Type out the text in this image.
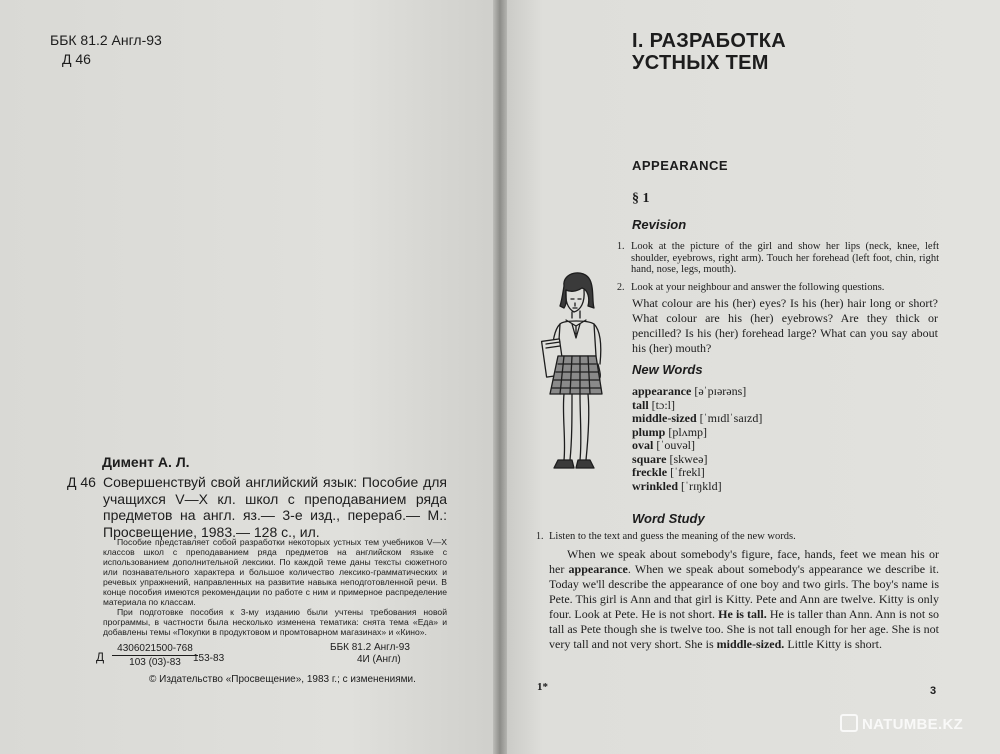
ББК 81.2 Англ-93
Д 46
Димент А. Л.
Д 46 Совершенствуй свой английский язык: Пособие для учащихся V—X кл. школ с преподаванием ряда предметов на англ. яз.— 3-е изд., перераб.— М.: Просвещение, 1983.— 128 с., ил.

Пособие представляет собой разработки некоторых устных тем учебников V—X классов школ с преподаванием ряда предметов на английском языке с использованием дополнительной лексики. По каждой теме даны тексты сюжетного или познавательного характера и большое количество лексико-грамматических и речевых упражнений, направленных на развитие навыка неподготовленной речи. В конце пособия имеются рекомендации по работе с ним и примерное распределение материала по классам.

При подготовке пособия к 3-му изданию были учтены требования новой программы, в частности была несколько изменена тематика: снята тема «Еда» и добавлены темы «Покупки в продуктовом и промтоварном магазинах» и «Кино».

Д $\frac{4306021500-768}{103 (03)-83}$
153-83
ББК 81.2 Англ-93
4И (Англ)
© Издательство «Просвещение», 1983 г.; с изменениями.
I. РАЗРАБОТКА
УСТНЫХ ТЕМ
APPEARANCE
§ 1
Revision
1. Look at the picture of the girl and show her lips (neck, knee, left shoulder, eyebrows, right arm). Touch her forehead (left foot, chin, right hand, nose, legs, mouth).
2. Look at your neighbour and answer the following questions.
What colour are his (her) eyes? Is his (her) hair long or short? What colour are his (her) eyebrows? Are they thick or pencilled? Is his (her) forehead large? What can you say about his (her) mouth?
New Words
appearance [əˈpɪərəns]
tall [tɔ:l]
middle-sized [ˈmɪdlˈsaɪzd]
plump [plʌmp]
oval [ˈouvəl]
square [skweə]
freckle [ˈfrekl]
wrinkled [ˈrɪŋkld]
Word Study
1. Listen to the text and guess the meaning of the new words.

When we speak about somebody's figure, face, hands, feet we mean his or her appearance. When we speak about somebody's appearance we describe it. Today we'll describe the appearance of one boy and two girls. The boy's name is Pete. This girl is Ann and that girl is Kitty. Pete and Ann are twelve. Kitty is only four. Look at Pete. He is not short. He is tall. He is taller than Ann. Ann is not so tall as Pete though she is twelve too. She is not tall enough for her age. She is not very tall and not very short. She is middle-sized. Little Kitty is short.

1*	3
NATUMBE.KZ
